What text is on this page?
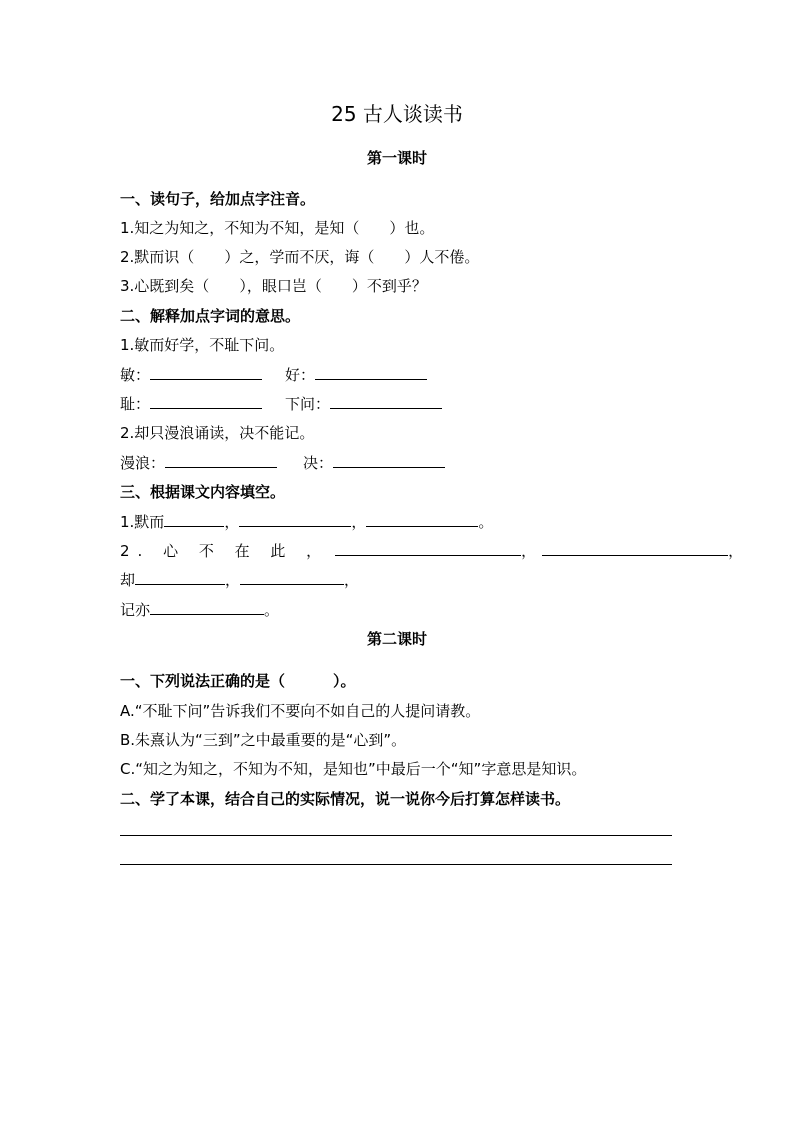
25 古人谈读书
第一课时
一、读句子，给加点字注音。
1.知之为知之，不知为不知，是知（ ）也。
2.默而识（ ）之，学而不厌，诲（ ）人不倦。
3.心既到矣（ ），眼口岂（ ）不到乎？
二、解释加点字词的意思。
1.敏而好学，不耻下问。
敏：	好：
耻：	下问：
2.却只漫浪诵读，决不能记。
漫浪：	决：
三、根据课文内容填空。
1.默而	，	，	。
2. 心 不 在 此 ，	，	，
却	，	，
记亦	。
第二课时
一、下列说法正确的是（	）。
A.“不耻下问”告诉我们不要向不如自己的人提问请教。
B.朱熹认为“三到”之中最重要的是“心到”。
C.“知之为知之，不知为不知，是知也”中最后一个“知”字意思是知识。
二、学了本课，结合自己的实际情况，说一说你今后打算怎样读书。
